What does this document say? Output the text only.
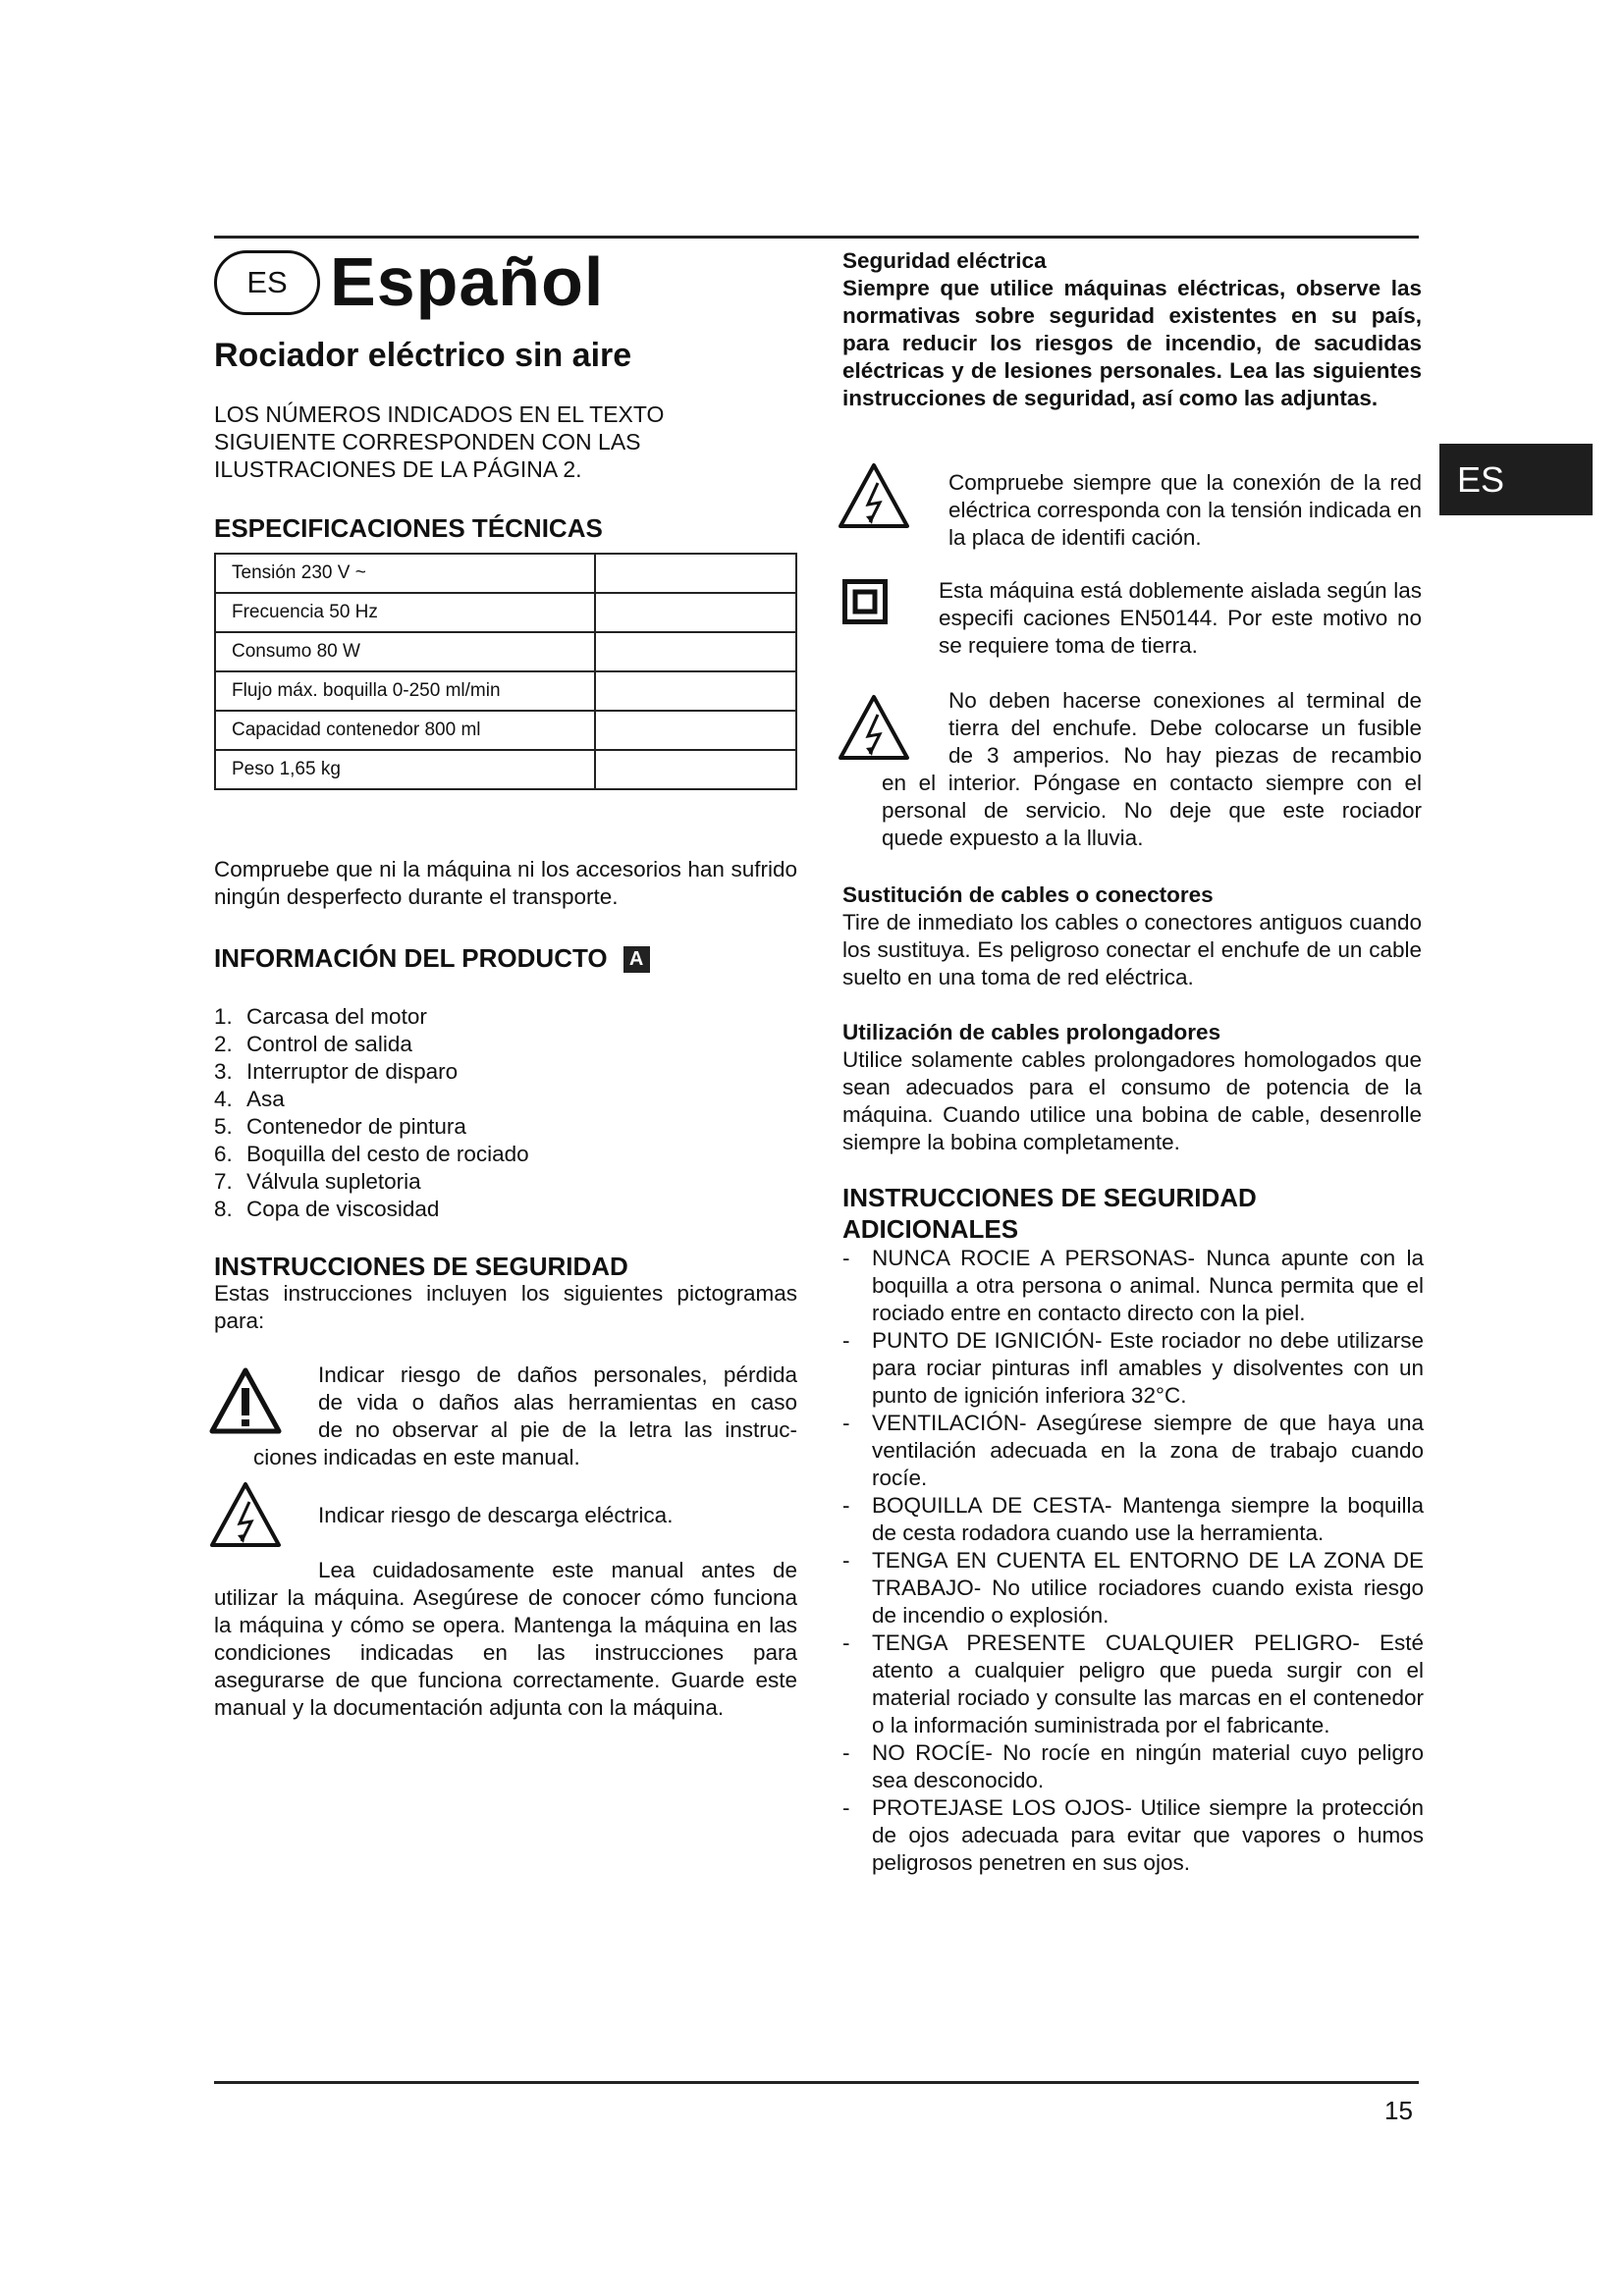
ES Español
Rociador eléctrico sin aire
LOS NÚMEROS INDICADOS EN EL TEXTO
SIGUIENTE CORRESPONDEN CON LAS
ILUSTRACIONES DE LA PÁGINA 2.
ESPECIFICACIONES TÉCNICAS
Tensión 230 V ~	
Frecuencia 50 Hz	
Consumo 80 W	
Flujo máx. boquilla 0-250 ml/min	
Capacidad contenedor 800 ml	
Peso 1,65 kg	
Compruebe que ni la máquina ni los accesorios han sufrido ningún desperfecto durante el transporte.
INFORMACIÓN DEL PRODUCTO A
1. Carcasa del motor
2. Control de salida
3. Interruptor de disparo
4. Asa
5. Contenedor de pintura
6. Boquilla del cesto de rociado
7. Válvula supletoria
8. Copa de viscosidad
INSTRUCCIONES DE SEGURIDAD
Estas instrucciones incluyen los siguientes pictogramas para:
Indicar riesgo de daños personales, pérdida
de vida o daños alas herramientas en caso
de no observar al pie de la letra las instruc-
ciones indicadas en este manual.
Indicar riesgo de descarga eléctrica.
Lea cuidadosamente este manual antes de utilizar la máquina. Asegúrese de conocer cómo funciona la máquina y cómo se opera. Mantenga la máquina en las condiciones indicadas en las instrucciones para asegurarse de que funciona correctamente. Guarde este manual y la documentación adjunta con la máquina.
Seguridad eléctrica
Siempre que utilice máquinas eléctricas, observe las normativas sobre seguridad existentes en su país, para reducir los riesgos de incendio, de sacudidas eléctricas y de lesiones personales. Lea las siguientes instrucciones de seguridad, así como las adjuntas.
Compruebe siempre que la conexión de la red eléctrica corresponda con la tensión indicada en la placa de identifi cación.
Esta máquina está doblemente aislada según las especifi caciones EN50144. Por este motivo no se requiere toma de tierra.
No deben hacerse conexiones al terminal de
tierra del enchufe. Debe colocarse un fusible
de 3 amperios. No hay piezas de recambio
en el interior. Póngase en contacto siempre con el
personal de servicio. No deje que este rociador
quede expuesto a la lluvia.
Sustitución de cables o conectores
Tire de inmediato los cables o conectores antiguos cuando los sustituya. Es peligroso conectar el enchufe de un cable suelto en una toma de red eléctrica.
Utilización de cables prolongadores
Utilice solamente cables prolongadores homologados que sean adecuados para el consumo de potencia de la máquina. Cuando utilice una bobina de cable, desenrolle siempre la bobina completamente.
INSTRUCCIONES DE SEGURIDAD
ADICIONALES
- NUNCA ROCIE A PERSONAS- Nunca apunte con la boquilla a otra persona o animal. Nunca permita que el rociado entre en contacto directo con la piel.
- PUNTO DE IGNICIÓN- Este rociador no debe utilizarse para rociar pinturas infl amables y disolventes con un punto de ignición inferiora 32°C.
- VENTILACIÓN- Asegúrese siempre de que haya una ventilación adecuada en la zona de trabajo cuando rocíe.
- BOQUILLA DE CESTA- Mantenga siempre la boquilla de cesta rodadora cuando use la herramienta.
- TENGA EN CUENTA EL ENTORNO DE LA ZONA DE TRABAJO- No utilice rociadores cuando exista riesgo de incendio o explosión.
- TENGA PRESENTE CUALQUIER PELIGRO- Esté atento a cualquier peligro que pueda surgir con el material rociado y consulte las marcas en el contenedor o la información suministrada por el fabricante.
- NO ROCÍE- No rocíe en ningún material cuyo peligro sea desconocido.
- PROTEJASE LOS OJOS- Utilice siempre la protección de ojos adecuada para evitar que vapores o humos peligrosos penetren en sus ojos.
ES
15
